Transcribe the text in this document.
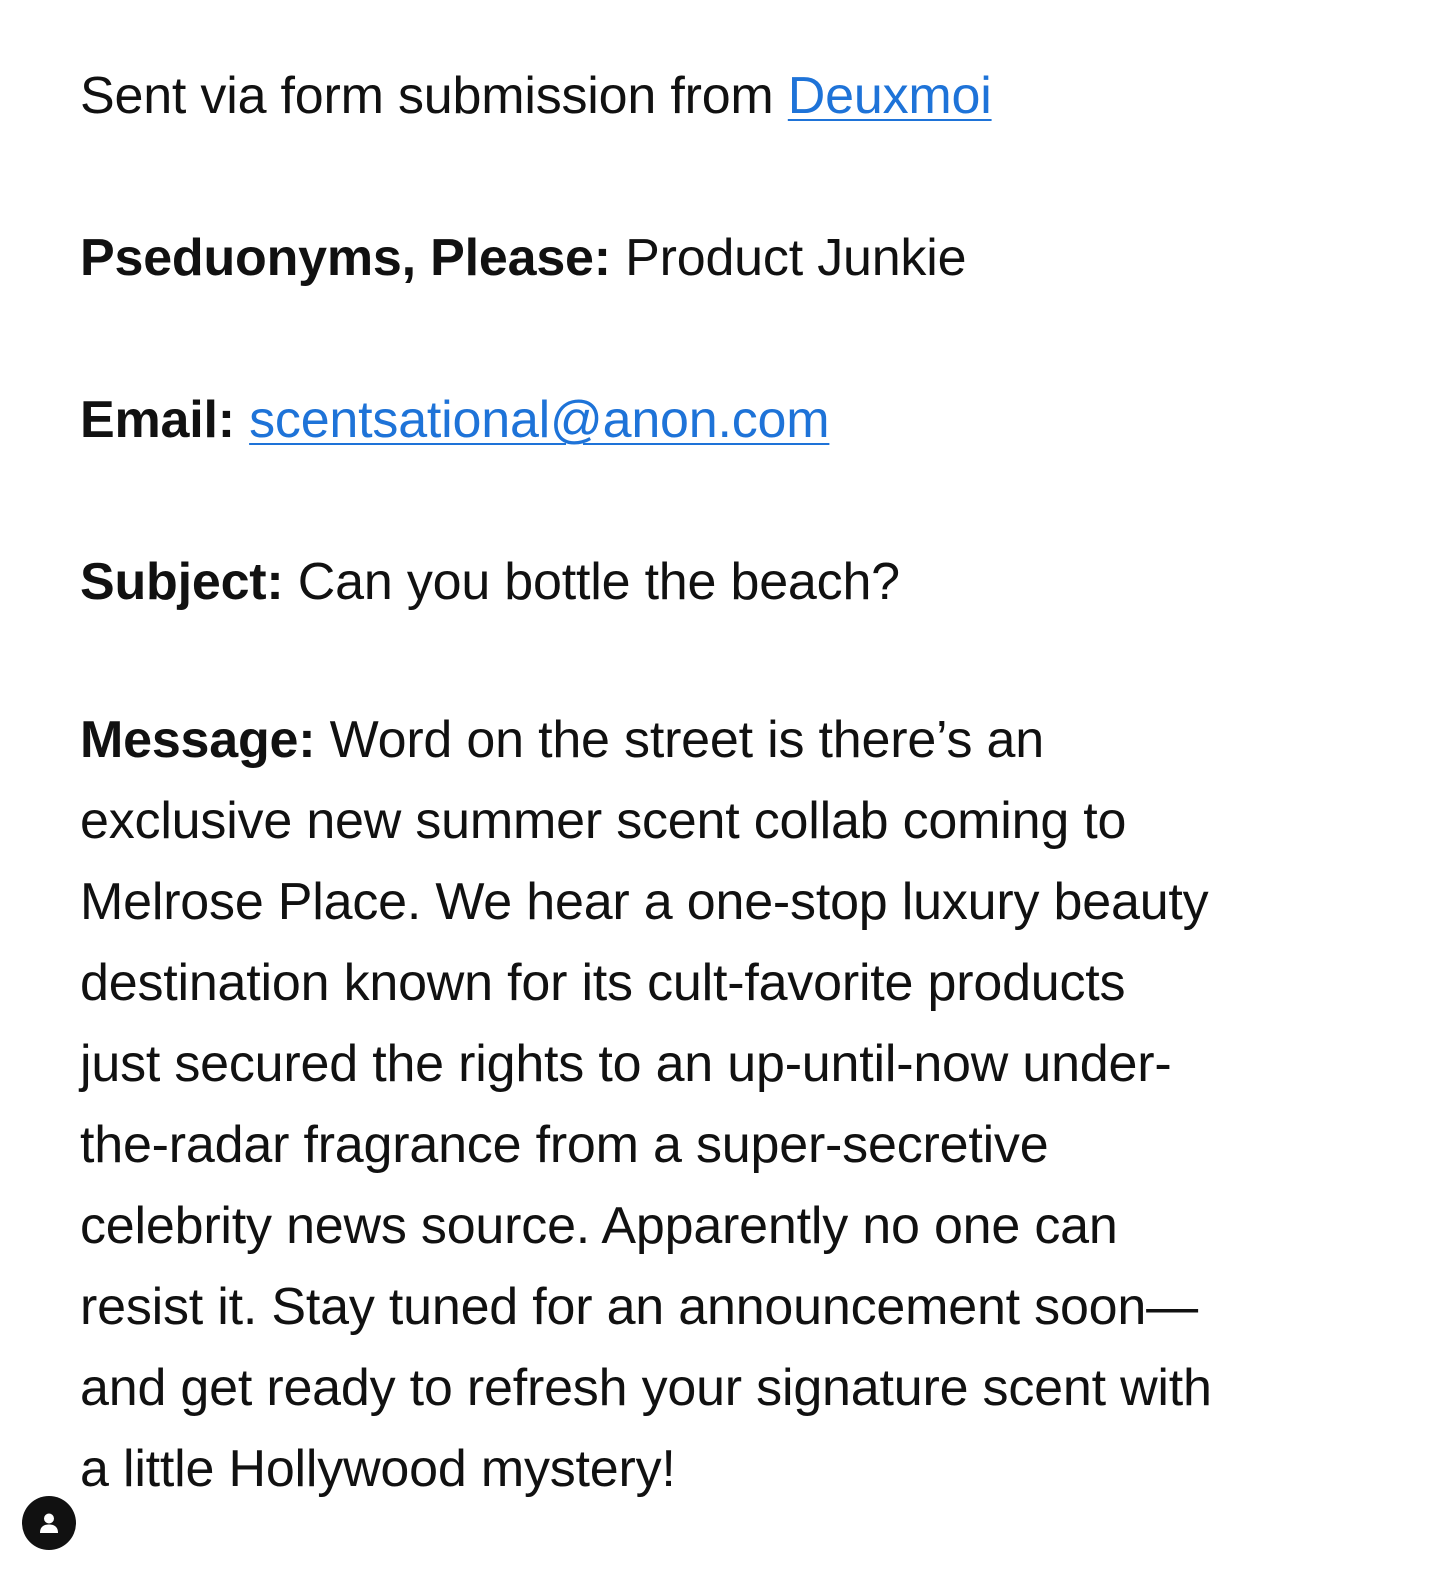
Sent via form submission from Deuxmoi

Pseduonyms, Please: Product Junkie

Email: scentsational@anon.com

Subject: Can you bottle the beach?

Message: Word on the street is there’s an

exclusive new summer scent collab coming to

Melrose Place. We hear a one-stop luxury beauty

destination known for its cult-favorite products

just secured the rights to an up-until-now under-

the-radar fragrance from a super-secretive

celebrity news source. Apparently no one can

resist it. Stay tuned for an announcement soon—

and get ready to refresh your signature scent with

a little Hollywood mystery!
